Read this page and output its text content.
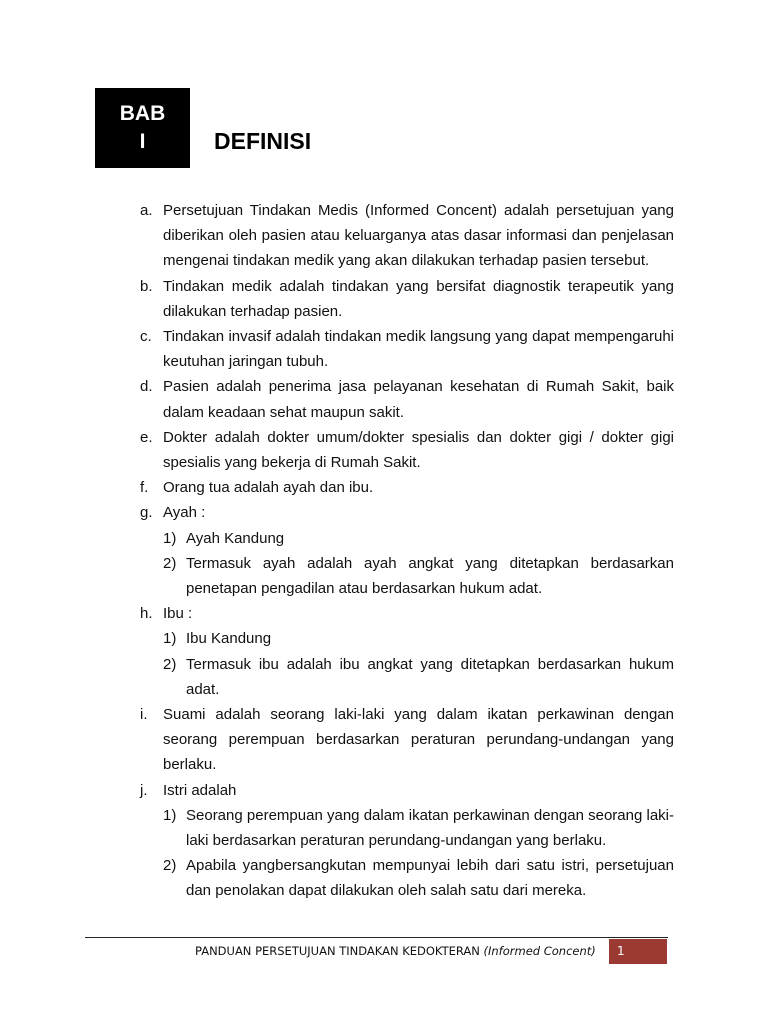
BAB
I	DEFINISI
a. Persetujuan Tindakan Medis (Informed Concent) adalah persetujuan yang diberikan oleh pasien atau keluarganya atas dasar informasi dan penjelasan mengenai tindakan medik yang akan dilakukan terhadap pasien tersebut.
b. Tindakan medik adalah tindakan yang bersifat diagnostik terapeutik yang dilakukan terhadap pasien.
c. Tindakan invasif adalah tindakan medik langsung yang dapat mempengaruhi keutuhan jaringan tubuh.
d. Pasien adalah penerima jasa pelayanan kesehatan di Rumah Sakit, baik dalam keadaan sehat maupun sakit.
e. Dokter adalah dokter umum/dokter spesialis dan dokter gigi / dokter gigi spesialis yang bekerja di Rumah Sakit.
f. Orang tua adalah ayah dan ibu.
g. Ayah :
1) Ayah Kandung
2) Termasuk ayah adalah ayah angkat yang ditetapkan berdasarkan penetapan pengadilan atau berdasarkan hukum adat.
h. Ibu :
1) Ibu Kandung
2) Termasuk ibu adalah ibu angkat yang ditetapkan berdasarkan hukum adat.
i.	Suami adalah seorang laki-laki yang dalam ikatan perkawinan dengan seorang perempuan berdasarkan peraturan perundang-undangan yang berlaku.
j.	Istri adalah
1) Seorang perempuan yang dalam ikatan perkawinan dengan seorang laki-laki berdasarkan peraturan perundang-undangan yang berlaku.
2) Apabila yangbersangkutan mempunyai lebih dari satu istri, persetujuan dan penolakan dapat dilakukan oleh salah satu dari mereka.
PANDUAN PERSETUJUAN TINDAKAN KEDOKTERAN (Informed Concent)	1
